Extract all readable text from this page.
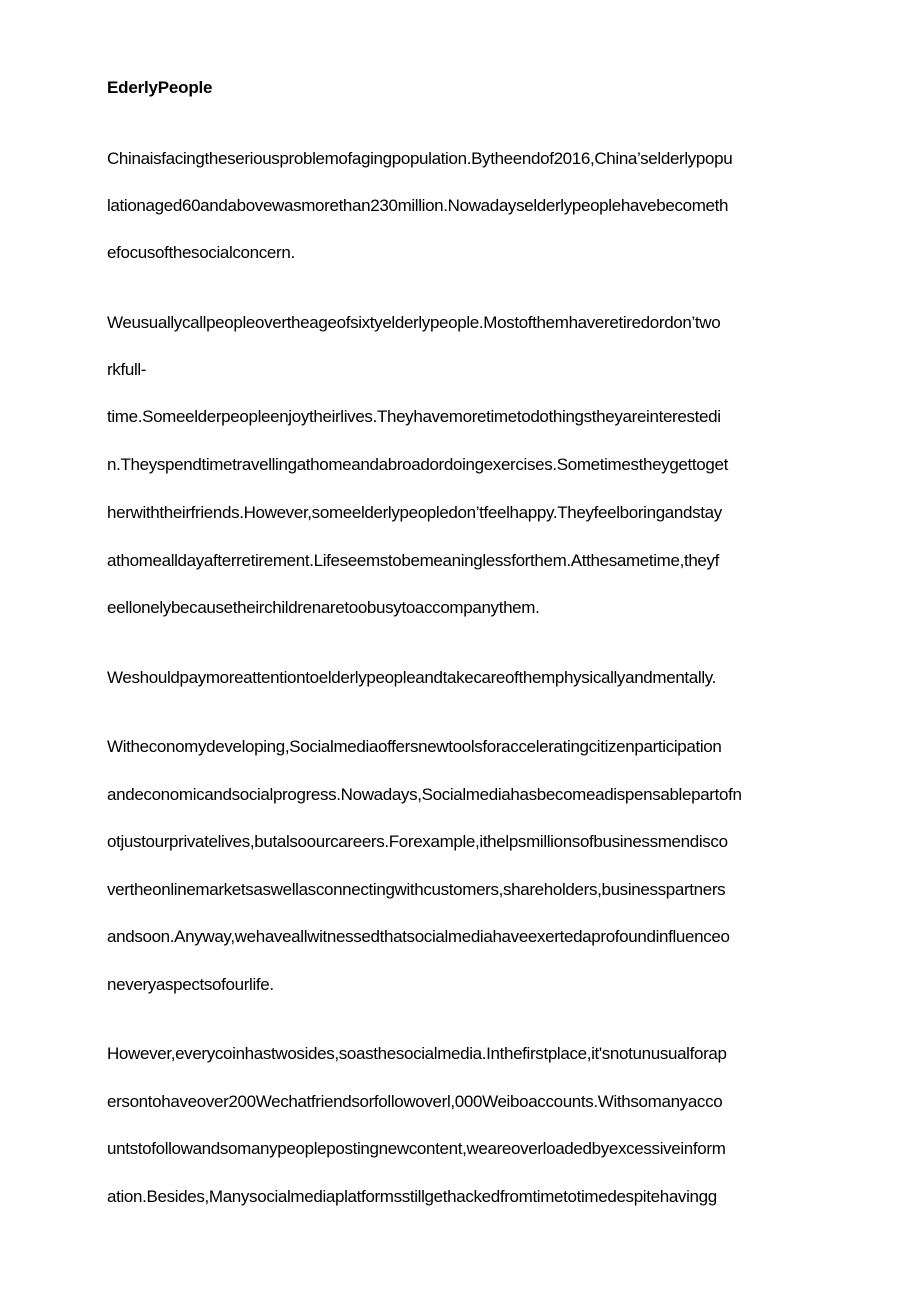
EderlyPeople
Chinaisfacingtheseriousproblemofagingpopulation.Bytheendof2016,China’selderlypopu
lationaged60andabovewasmorethan230million.Nowadayselderlypeoplehavebecometh
efocusofthesocialconcern.
Weusuallycallpeopleovertheageofsixtyelderlypeople.Mostofthemhaveretiredordon’two
rkfull-
time.Someelderpeopleenjoytheirlives.Theyhavemoretimetodothingstheyareinterestedi
n.Theyspendtimetravellingathomeandabroadordoingexercises.Sometimestheygettoget
herwiththeirfriends.However,someelderlypeopledon’tfeelhappy.Theyfeelboringandstay
athomealldayafterretirement.Lifeseemstobemeaninglessforthem.Atthesametime,theyf
eellonelybecausetheirchildrenaretoobusytoaccompanythem.
Weshouldpaymoreattentiontoelderlypeopleandtakecareofthemphysicallyandmentally.
Witheconomydeveloping,Socialmediaoffersnewtoolsforacceleratingcitizenparticipation
andeconomicandsocialprogress.Nowadays,Socialmediahasbecomeadispensablepartofn
otjustourprivatelives,butalsoourcareers.Forexample,ithelpsmillionsofbusinessmendisco
vertheonlinemarketsaswellasconnectingwithcustomers,shareholders,businesspartners
andsoon.Anyway,wehaveallwitnessedthatsocialmediahaveexertedaprofoundinfluenceo
neveryaspectsofourlife.
However,everycoinhastwosides,soasthesocialmedia.Inthefirstplace,it'snotunusualforap
ersontohaveover200Wechatfriendsorfollowoverl,000Weiboaccounts.Withsomanyacco
untstofollowandsomanypeoplepostingnewcontent,weareoverloadedbyexcessiveinform
ation.Besides,Manysocialmediaplatformsstillgethackedfromtimetotimedespitehavingg
